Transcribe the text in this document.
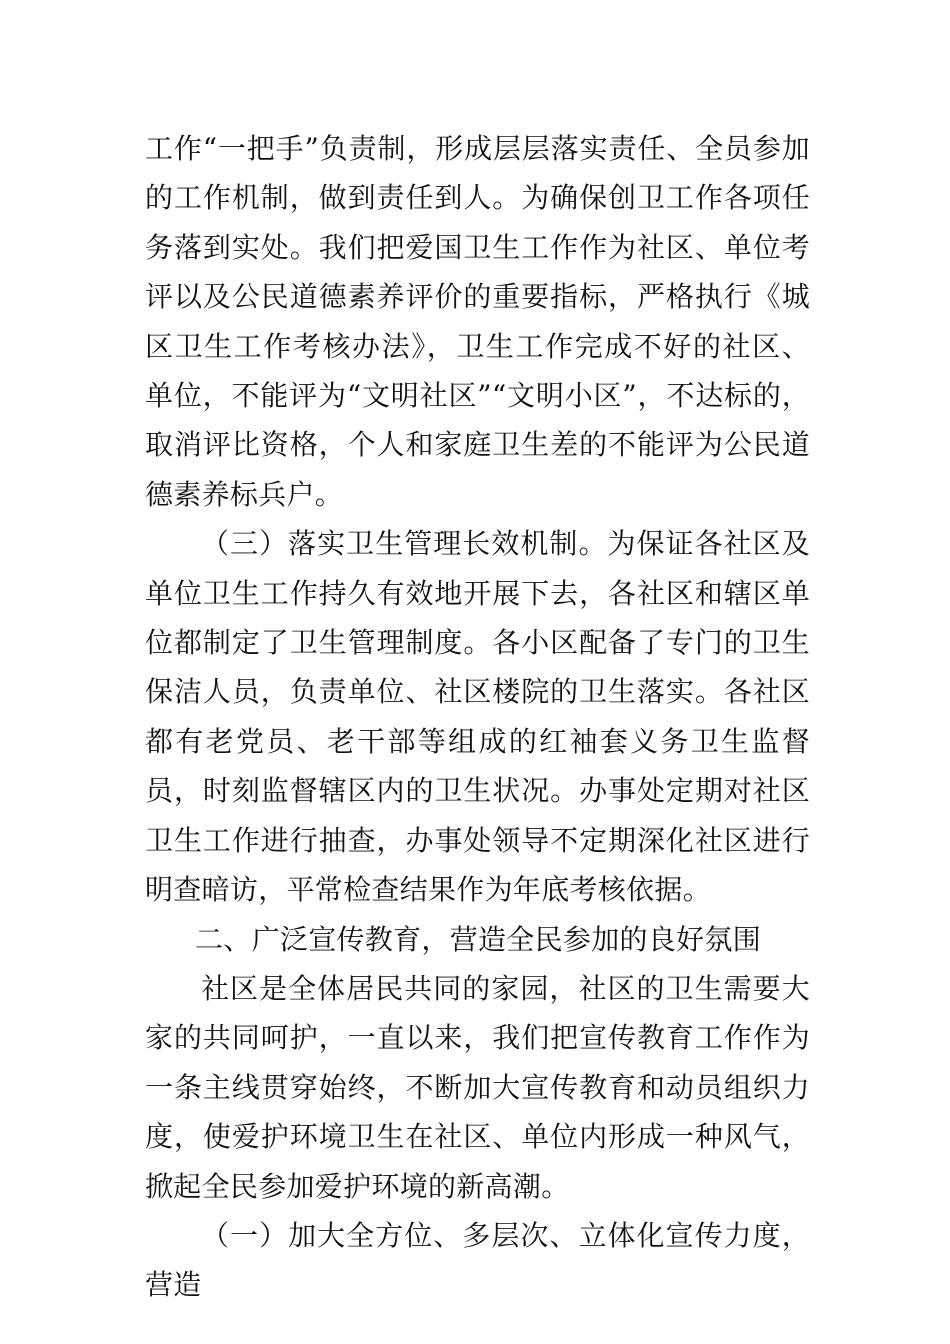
工作“一把手”负责制，形成层层落实责任、全员参加的工作机制，做到责任到人。为确保创卫工作各项任务落到实处。我们把爱国卫生工作作为社区、单位考评以及公民道德素养评价的重要指标，严格执行《城区卫生工作考核办法》，卫生工作完成不好的社区、单位，不能评为“文明社区”“文明小区”，不达标的，取消评比资格，个人和家庭卫生差的不能评为公民道德素养标兵户。

（三）落实卫生管理长效机制。为保证各社区及单位卫生工作持久有效地开展下去，各社区和辖区单位都制定了卫生管理制度。各小区配备了专门的卫生保洁人员，负责单位、社区楼院的卫生落实。各社区都有老党员、老干部等组成的红袖套义务卫生监督员，时刻监督辖区内的卫生状况。办事处定期对社区卫生工作进行抽查，办事处领导不定期深化社区进行明查暗访，平常检查结果作为年底考核依据。

二、广泛宣传教育，营造全民参加的良好氛围

社区是全体居民共同的家园，社区的卫生需要大家的共同呵护，一直以来，我们把宣传教育工作作为一条主线贯穿始终，不断加大宣传教育和动员组织力度，使爱护环境卫生在社区、单位内形成一种风气，掀起全民参加爱护环境的新高潮。

（一）加大全方位、多层次、立体化宣传力度，营造
